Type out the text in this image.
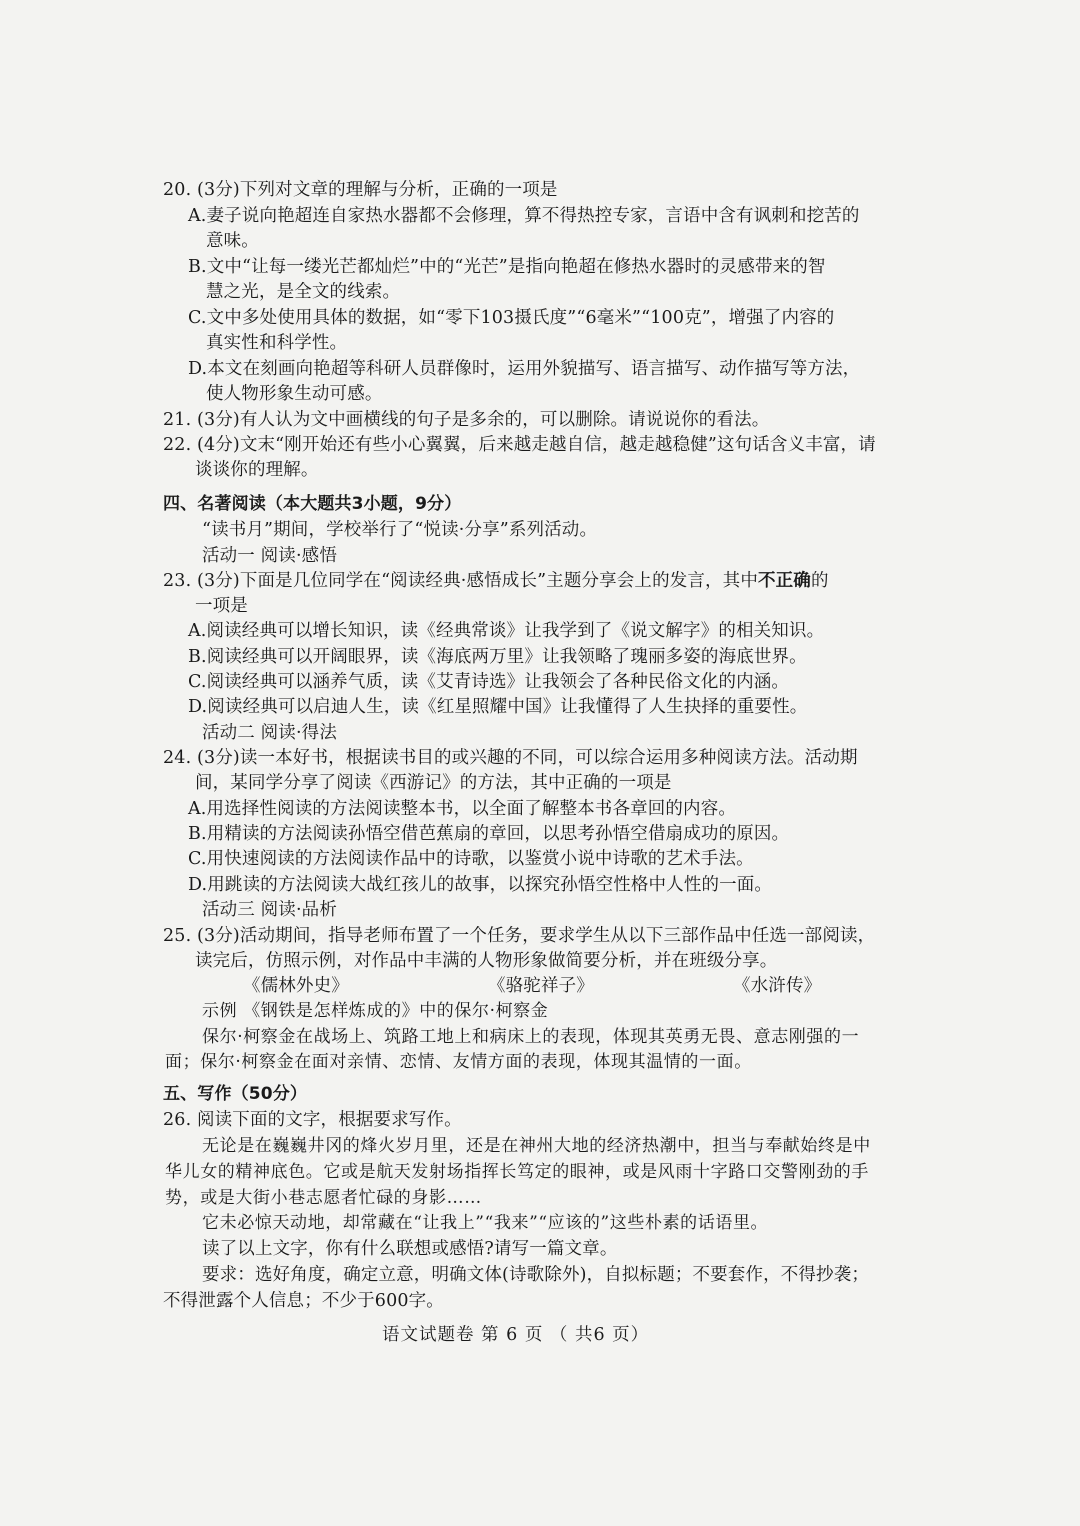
20. (3分)下列对文章的理解与分析，正确的一项是
A.妻子说向艳超连自家热水器都不会修理，算不得热控专家，言语中含有讽刺和挖苦的
意味。
B.文中“让每一缕光芒都灿烂”中的“光芒”是指向艳超在修热水器时的灵感带来的智
慧之光，是全文的线索。
C.文中多处使用具体的数据，如“零下103摄氏度”“6毫米”“100克”，增强了内容的
真实性和科学性。
D.本文在刻画向艳超等科研人员群像时，运用外貌描写、语言描写、动作描写等方法，
使人物形象生动可感。
21. (3分)有人认为文中画横线的句子是多余的，可以删除。请说说你的看法。
22. (4分)文末“刚开始还有些小心翼翼，后来越走越自信，越走越稳健”这句话含义丰富，请
谈谈你的理解。
四、名著阅读（本大题共3小题，9分）
“读书月”期间，学校举行了“悦读·分享”系列活动。
活动一 阅读·感悟
23. (3分)下面是几位同学在“阅读经典·感悟成长”主题分享会上的发言，其中不正确的
一项是
A.阅读经典可以增长知识，读《经典常谈》让我学到了《说文解字》的相关知识。
B.阅读经典可以开阔眼界，读《海底两万里》让我领略了瑰丽多姿的海底世界。
C.阅读经典可以涵养气质，读《艾青诗选》让我领会了各种民俗文化的内涵。
D.阅读经典可以启迪人生，读《红星照耀中国》让我懂得了人生抉择的重要性。
活动二 阅读·得法
24. (3分)读一本好书，根据读书目的或兴趣的不同，可以综合运用多种阅读方法。活动期
间，某同学分享了阅读《西游记》的方法，其中正确的一项是
A.用选择性阅读的方法阅读整本书，以全面了解整本书各章回的内容。
B.用精读的方法阅读孙悟空借芭蕉扇的章回，以思考孙悟空借扇成功的原因。
C.用快速阅读的方法阅读作品中的诗歌，以鉴赏小说中诗歌的艺术手法。
D.用跳读的方法阅读大战红孩儿的故事，以探究孙悟空性格中人性的一面。
活动三 阅读·品析
25. (3分)活动期间，指导老师布置了一个任务，要求学生从以下三部作品中任选一部阅读，
读完后，仿照示例，对作品中丰满的人物形象做简要分析，并在班级分享。
《儒林外史》	《骆驼祥子》	《水浒传》
示例 《钢铁是怎样炼成的》中的保尔·柯察金
保尔·柯察金在战场上、筑路工地上和病床上的表现，体现其英勇无畏、意志刚强的一
面；保尔·柯察金在面对亲情、恋情、友情方面的表现，体现其温情的一面。
五、写作（50分）
26. 阅读下面的文字，根据要求写作。
无论是在巍巍井冈的烽火岁月里，还是在神州大地的经济热潮中，担当与奉献始终是中
华儿女的精神底色。它或是航天发射场指挥长笃定的眼神，或是风雨十字路口交警刚劲的手
势，或是大街小巷志愿者忙碌的身影……
它未必惊天动地，却常藏在“让我上”“我来”“应该的”这些朴素的话语里。
读了以上文字，你有什么联想或感悟?请写一篇文章。
要求：选好角度，确定立意，明确文体(诗歌除外)，自拟标题；不要套作，不得抄袭；
不得泄露个人信息；不少于600字。
语文试题卷 第 6 页 （ 共6 页）
